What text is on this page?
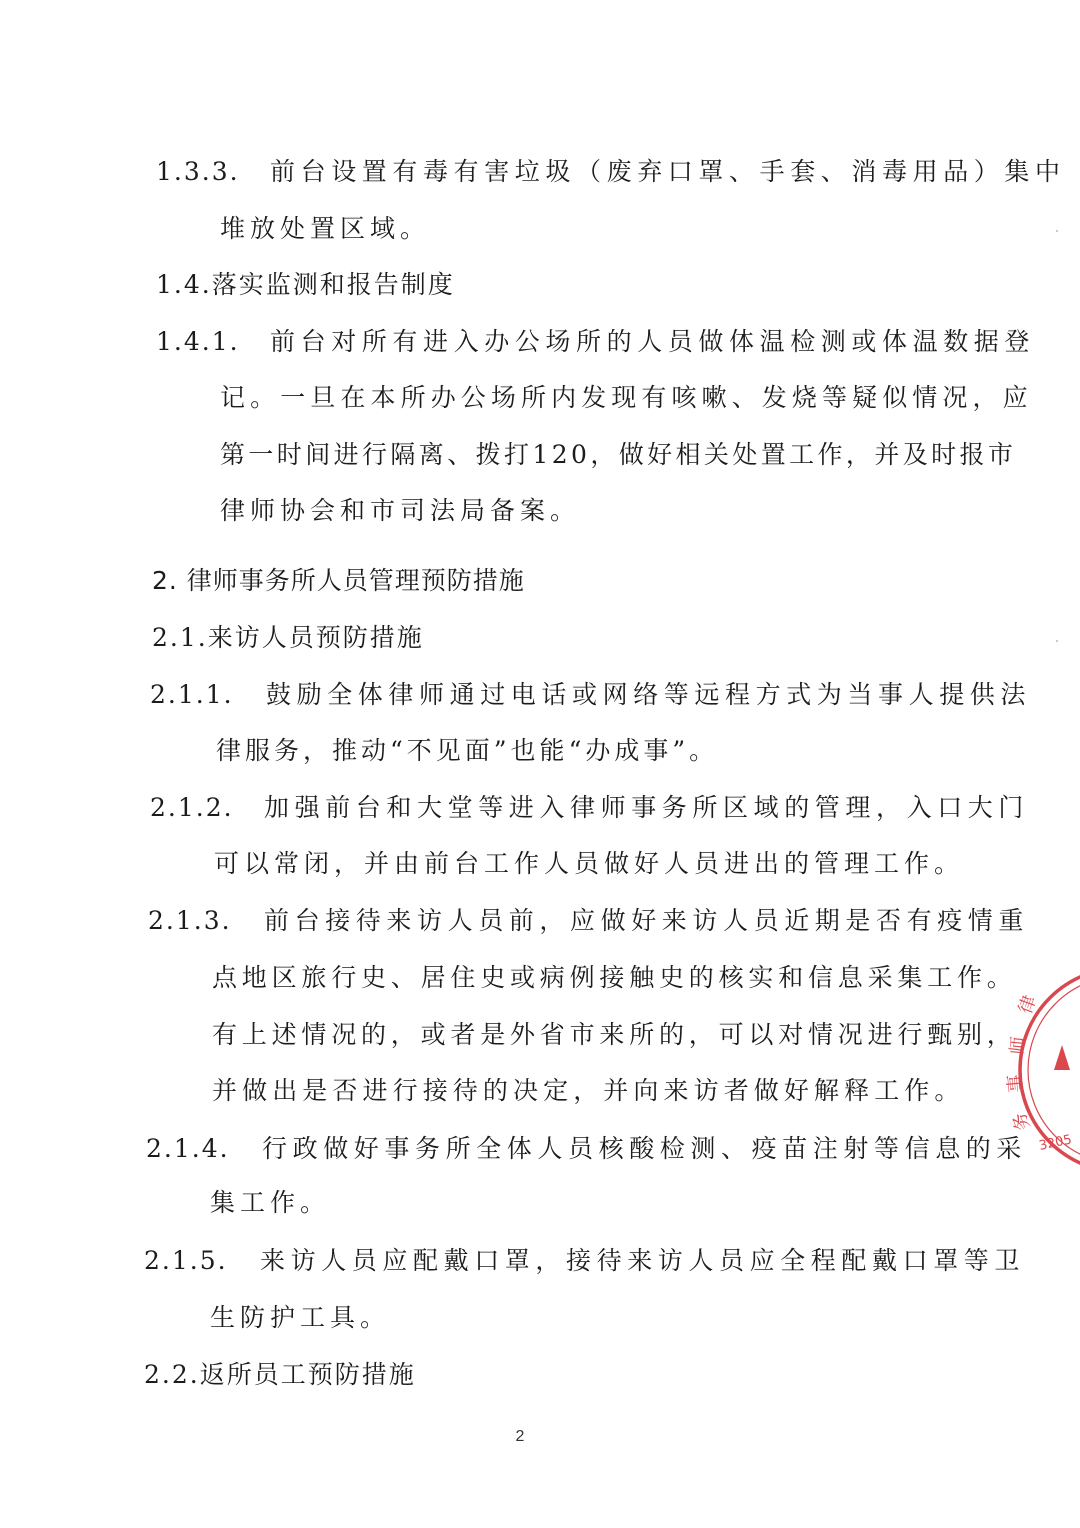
1.3.3. 前台设置有毒有害垃圾（废弃口罩、手套、消毒用品）集中
堆放处置区域。
1.4.落实监测和报告制度
1.4.1. 前台对所有进入办公场所的人员做体温检测或体温数据登
记。一旦在本所办公场所内发现有咳嗽、发烧等疑似情况，应
第一时间进行隔离、拨打120，做好相关处置工作，并及时报市
律师协会和市司法局备案。
2. 律师事务所人员管理预防措施
2.1.来访人员预防措施
2.1.1. 鼓励全体律师通过电话或网络等远程方式为当事人提供法
律服务，推动“不见面”也能“办成事”。
2.1.2. 加强前台和大堂等进入律师事务所区域的管理，入口大门
可以常闭，并由前台工作人员做好人员进出的管理工作。
2.1.3. 前台接待来访人员前，应做好来访人员近期是否有疫情重
点地区旅行史、居住史或病例接触史的核实和信息采集工作。
有上述情况的，或者是外省市来所的，可以对情况进行甄别，
并做出是否进行接待的决定，并向来访者做好解释工作。
2.1.4. 行政做好事务所全体人员核酸检测、疫苗注射等信息的采
集工作。
2.1.5. 来访人员应配戴口罩，接待来访人员应全程配戴口罩等卫
生防护工具。
2.2.返所员工预防措施
2
律
师
事
务
3205
